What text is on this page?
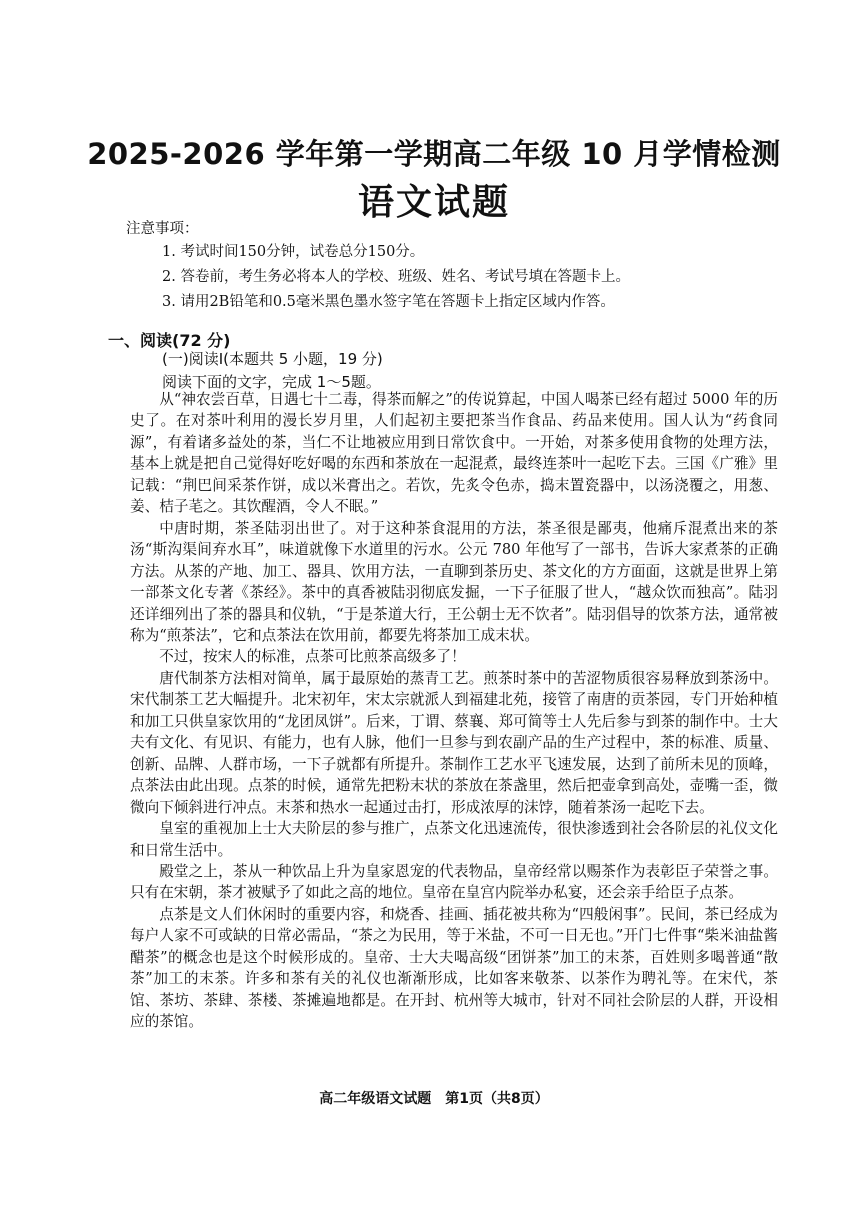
2025-2026 学年第一学期高二年级 10 月学情检测
语文试题
注意事项：
1. 考试时间150分钟，试卷总分150分。
2. 答卷前，考生务必将本人的学校、班级、姓名、考试号填在答题卡上。
3. 请用2B铅笔和0.5毫米黑色墨水签字笔在答题卡上指定区域内作答。
一、阅读(72 分)
(一)阅读Ⅰ(本题共 5 小题，19 分)
阅读下面的文字，完成 1～5题。

从“神农尝百草，日遇七十二毒，得茶而解之”的传说算起，中国人喝茶已经有超过 5000 年的历史了。在对茶叶利用的漫长岁月里，人们起初主要把茶当作食品、药品来使用。国人认为“药食同源”，有着诸多益处的茶，当仁不让地被应用到日常饮食中。一开始，对茶多使用食物的处理方法，基本上就是把自己觉得好吃好喝的东西和茶放在一起混煮，最终连茶叶一起吃下去。三国《广雅》里记载：“荆巴间采茶作饼，成以米膏出之。若饮，先炙令色赤，捣末置瓷器中，以汤浇覆之，用葱、姜、桔子芼之。其饮醒酒，令人不眠。”

中唐时期，茶圣陆羽出世了。对于这种茶食混用的方法，茶圣很是鄙夷，他痛斥混煮出来的茶汤“斯沟渠间弃水耳”，味道就像下水道里的污水。公元 780 年他写了一部书，告诉大家煮茶的正确方法。从茶的产地、加工、器具、饮用方法，一直聊到茶历史、茶文化的方方面面，这就是世界上第一部茶文化专著《茶经》。茶中的真香被陆羽彻底发掘，一下子征服了世人，“越众饮而独高”。陆羽还详细列出了茶的器具和仪轨，“于是茶道大行，王公朝士无不饮者”。陆羽倡导的饮茶方法，通常被称为“煎茶法”，它和点茶法在饮用前，都要先将茶加工成末状。

不过，按宋人的标准，点茶可比煎茶高级多了！

唐代制茶方法相对简单，属于最原始的蒸青工艺。煎茶时茶中的苦涩物质很容易释放到茶汤中。宋代制茶工艺大幅提升。北宋初年，宋太宗就派人到福建北苑，接管了南唐的贡茶园，专门开始种植和加工只供皇家饮用的“龙团凤饼”。后来，丁谓、蔡襄、郑可简等士人先后参与到茶的制作中。士大夫有文化、有见识、有能力，也有人脉，他们一旦参与到农副产品的生产过程中，茶的标准、质量、创新、品牌、人群市场，一下子就都有所提升。茶制作工艺水平飞速发展，达到了前所未见的顶峰，点茶法由此出现。点茶的时候，通常先把粉末状的茶放在茶盏里，然后把壶拿到高处，壶嘴一歪，微微向下倾斜进行冲点。末茶和热水一起通过击打，形成浓厚的沫饽，随着茶汤一起吃下去。

皇室的重视加上士大夫阶层的参与推广，点茶文化迅速流传，很快渗透到社会各阶层的礼仪文化和日常生活中。

殿堂之上，茶从一种饮品上升为皇家恩宠的代表物品，皇帝经常以赐茶作为表彰臣子荣誉之事。只有在宋朝，茶才被赋予了如此之高的地位。皇帝在皇宫内院举办私宴，还会亲手给臣子点茶。

点茶是文人们休闲时的重要内容，和烧香、挂画、插花被共称为“四般闲事”。民间，茶已经成为每户人家不可或缺的日常必需品，“茶之为民用，等于米盐，不可一日无也。”开门七件事“柴米油盐酱醋茶”的概念也是这个时候形成的。皇帝、士大夫喝高级“团饼茶”加工的末茶，百姓则多喝普通“散茶”加工的末茶。许多和茶有关的礼仪也渐渐形成，比如客来敬茶、以茶作为聘礼等。在宋代，茶馆、茶坊、茶肆、茶楼、茶摊遍地都是。在开封、杭州等大城市，针对不同社会阶层的人群，开设相应的茶馆。

高二年级语文试题　第1页（共8页）
